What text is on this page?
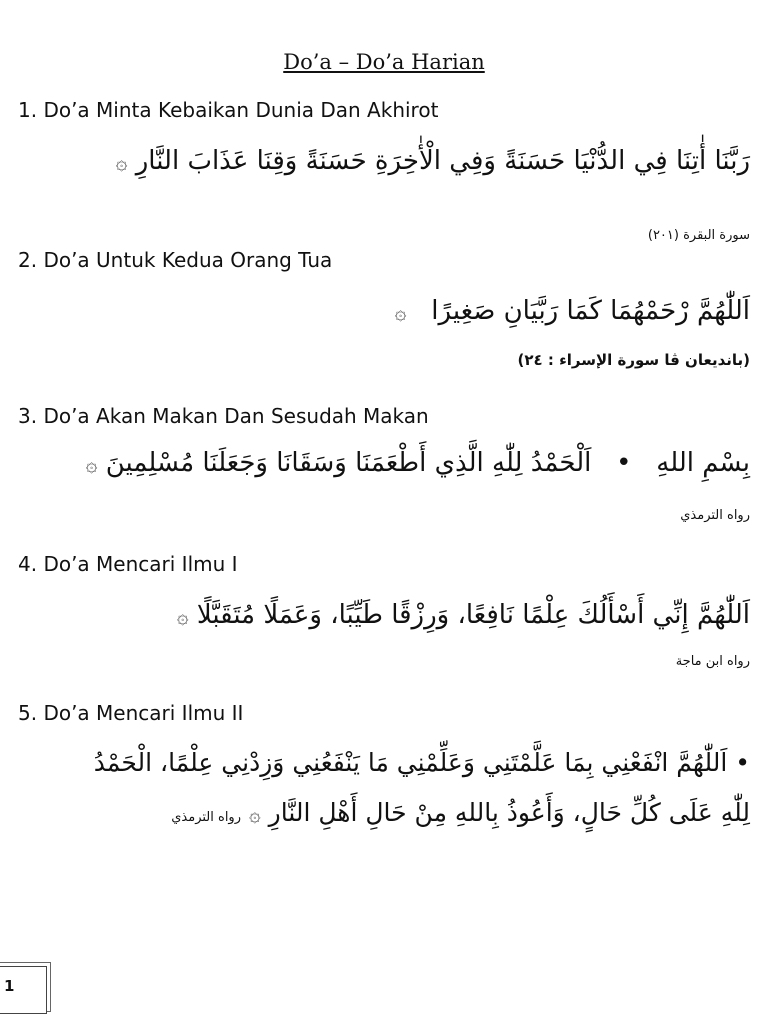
Do’a – Do’a Harian
1. Do’a Minta Kebaikan Dunia Dan Akhirot
رَبَّنَا أٰتِنَا فِي الدُّنْيَا حَسَنَةً وَفِي الْأٰخِرَةِ حَسَنَةً وَقِنَا عَذَابَ النَّارِ ۞
سورة البقرة (٢٠١)
2. Do’a Untuk Kedua Orang Tua
اَللّٰهُمَّ رْحَمْهُمَا كَمَا رَبَّيَانِ صَغِيرًا   ۞
(بانديعان ڤا سورة الإسراء : ٢٤)
3. Do’a Akan Makan Dan Sesudah Makan
بِسْمِ اللهِ   •   اَلْحَمْدُ لِلّٰهِ الَّذِي أَطْعَمَنَا وَسَقَانَا وَجَعَلَنَا مُسْلِمِينَ ۞
رواه الترمذي
4. Do’a Mencari Ilmu I
اَللّٰهُمَّ إِنِّي أَسْأَلُكَ عِلْمًا نَافِعًا، وَرِزْقًا طَيِّبًا، وَعَمَلًا مُتَقَبَّلًا ۞
رواه ابن ماجة
5. Do’a Mencari Ilmu II
• اَللّٰهُمَّ انْفَعْنِي بِمَا عَلَّمْتَنِي وَعَلِّمْنِي مَا يَنْفَعُنِي وَزِدْنِي عِلْمًا، الْحَمْدُ
لِلّٰهِ عَلَى كُلِّ حَالٍ، وَأَعُوذُ بِاللهِ مِنْ حَالِ أَهْلِ النَّارِ ۞ رواه الترمذي
1
